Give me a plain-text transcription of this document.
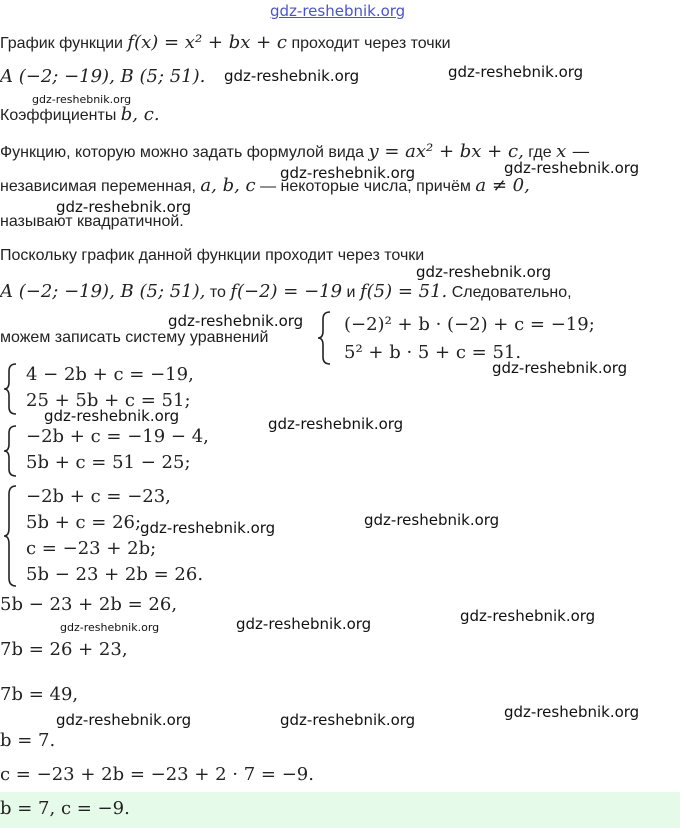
gdz-reshebnik.org
График функции f(x) = x² + bx + c проходит через точки
A (−2; −19), B (5; 51).
Коэффициенты b, c.
Функцию, которую можно задать формулой вида y = ax² + bx + c, где x —
независимая переменная, a, b, c — некоторые числа, причём a ≠ 0,
называют квадратичной.
Поскольку график данной функции проходит через точки
A (−2; −19), B (5; 51), то f(−2) = −19 и f(5) = 51. Следовательно,
можем записать систему уравнений
(−2)² + b · (−2) + c = −19;
5² + b · 5 + c = 51.
4 − 2b + c = −19,
25 + 5b + c = 51;
−2b + c = −19 − 4,
5b + c = 51 − 25;
−2b + c = −23,
5b + c = 26;
c = −23 + 2b;
5b − 23 + 2b = 26.
5b − 23 + 2b = 26,
7b = 26 + 23,
7b = 49,
b = 7.
c = −23 + 2b = −23 + 2 · 7 = −9.
b = 7, c = −9.
gdz-reshebnik.org	gdz-reshebnik.org
gdz-reshebnik.org
gdz-reshebnik.org	gdz-reshebnik.org
gdz-reshebnik.org
gdz-reshebnik.org
gdz-reshebnik.org
gdz-reshebnik.org
gdz-reshebnik.org	gdz-reshebnik.org
gdz-reshebnik.org	gdz-reshebnik.org
gdz-reshebnik.org	gdz-reshebnik.org	gdz-reshebnik.org
gdz-reshebnik.org	gdz-reshebnik.org	gdz-reshebnik.org
